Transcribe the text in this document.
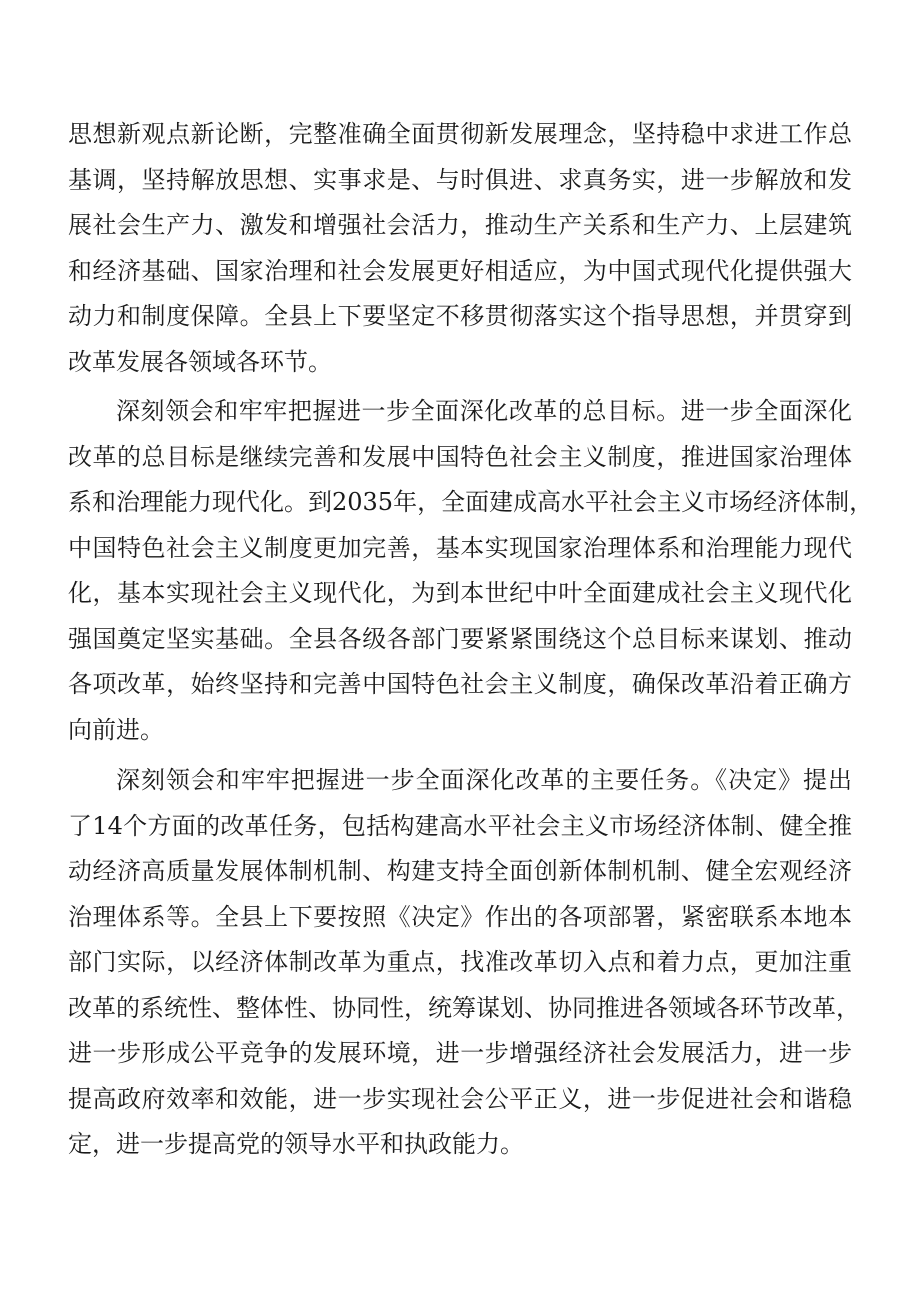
思想新观点新论断，完整准确全面贯彻新发展理念，坚持稳中求进工作总
基调，坚持解放思想、实事求是、与时俱进、求真务实，进一步解放和发
展社会生产力、激发和增强社会活力，推动生产关系和生产力、上层建筑
和经济基础、国家治理和社会发展更好相适应，为中国式现代化提供强大
动力和制度保障。全县上下要坚定不移贯彻落实这个指导思想，并贯穿到
改革发展各领域各环节。
深刻领会和牢牢把握进一步全面深化改革的总目标。进一步全面深化
改革的总目标是继续完善和发展中国特色社会主义制度，推进国家治理体
系和治理能力现代化。到2035年，全面建成高水平社会主义市场经济体制，
中国特色社会主义制度更加完善，基本实现国家治理体系和治理能力现代
化，基本实现社会主义现代化，为到本世纪中叶全面建成社会主义现代化
强国奠定坚实基础。全县各级各部门要紧紧围绕这个总目标来谋划、推动
各项改革，始终坚持和完善中国特色社会主义制度，确保改革沿着正确方
向前进。
深刻领会和牢牢把握进一步全面深化改革的主要任务。《决定》提出
了14个方面的改革任务，包括构建高水平社会主义市场经济体制、健全推
动经济高质量发展体制机制、构建支持全面创新体制机制、健全宏观经济
治理体系等。全县上下要按照《决定》作出的各项部署，紧密联系本地本
部门实际，以经济体制改革为重点，找准改革切入点和着力点，更加注重
改革的系统性、整体性、协同性，统筹谋划、协同推进各领域各环节改革，
进一步形成公平竞争的发展环境，进一步增强经济社会发展活力，进一步
提高政府效率和效能，进一步实现社会公平正义，进一步促进社会和谐稳
定，进一步提高党的领导水平和执政能力。
